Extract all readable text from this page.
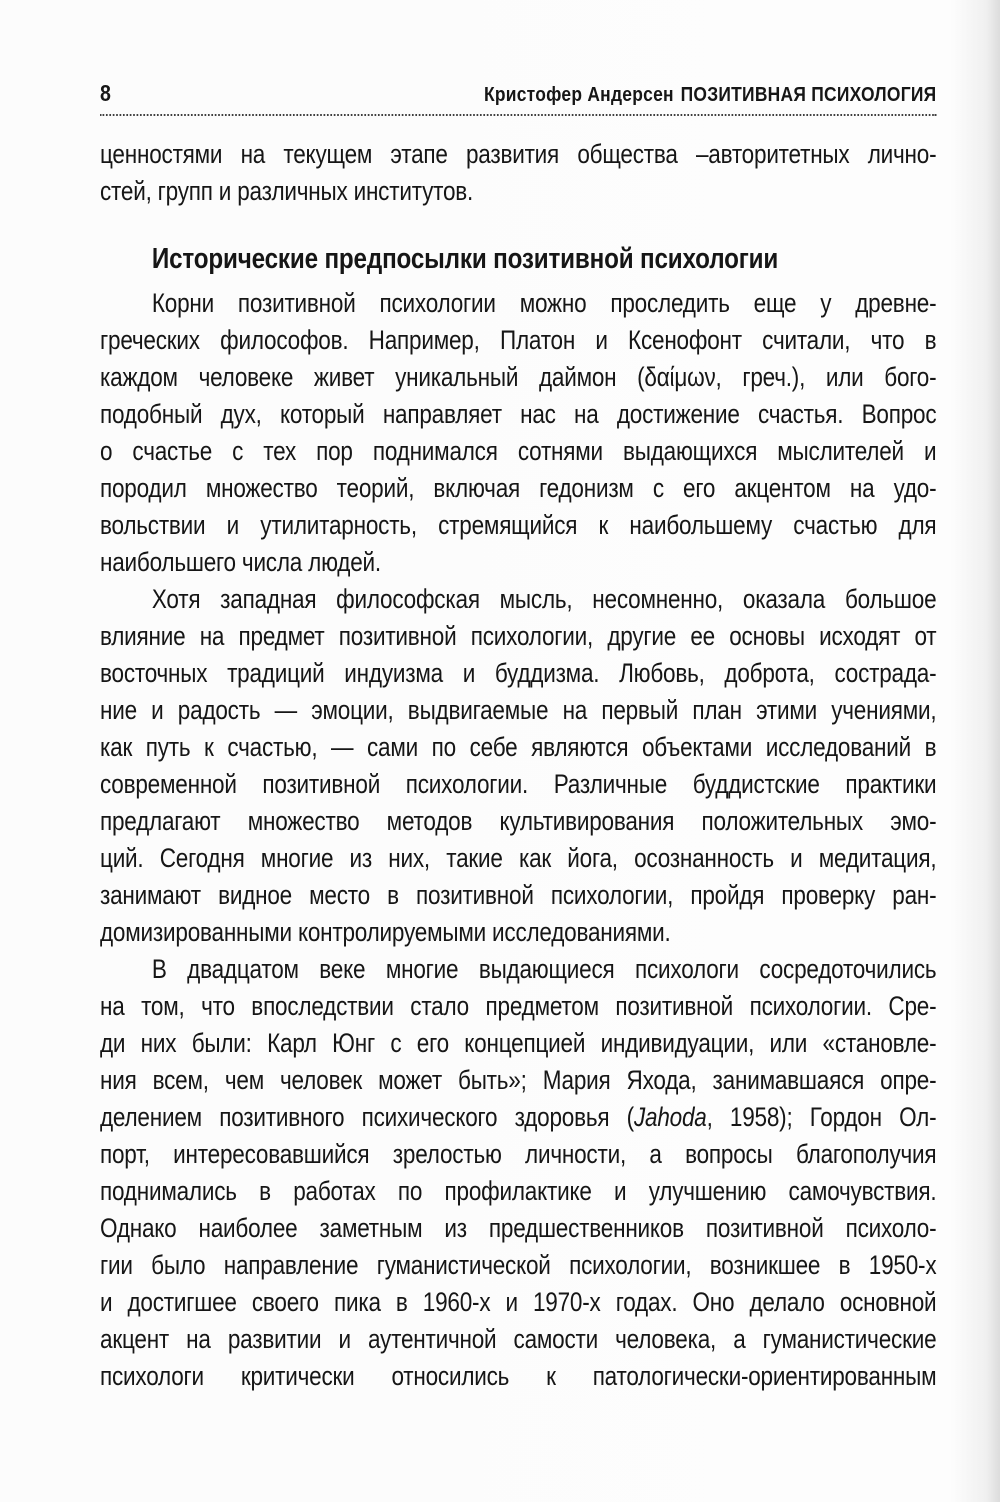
8	Кристофер Андерсен ПОЗИТИВНАЯ ПСИХОЛОГИЯ
ценностями на текущем этапе развития общества –авторитетных лично-
стей, групп и различных институтов.
Исторические предпосылки позитивной психологии
Корни позитивной психологии можно проследить еще у древне-
греческих философов. Например, Платон и Ксенофонт считали, что в
каждом человеке живет уникальный даймон (δαίμων, греч.), или бого-
подобный дух, который направляет нас на достижение счастья. Вопрос
о счастье с тех пор поднимался сотнями выдающихся мыслителей и
породил множество теорий, включая гедонизм с его акцентом на удо-
вольствии и утилитарность, стремящийся к наибольшему счастью для
наибольшего числа людей.
Хотя западная философская мысль, несомненно, оказала большое
влияние на предмет позитивной психологии, другие ее основы исходят от
восточных традиций индуизма и буддизма. Любовь, доброта, сострада-
ние и радость — эмоции, выдвигаемые на первый план этими учениями,
как путь к счастью, — сами по себе являются объектами исследований в
современной позитивной психологии. Различные буддистские практики
предлагают множество методов культивирования положительных эмо-
ций. Сегодня многие из них, такие как йога, осознанность и медитация,
занимают видное место в позитивной психологии, пройдя проверку ран-
домизированными контролируемыми исследованиями.
В двадцатом веке многие выдающиеся психологи сосредоточились
на том, что впоследствии стало предметом позитивной психологии. Сре-
ди них были: Карл Юнг с его концепцией индивидуации, или «становле-
ния всем, чем человек может быть»; Мария Яхода, занимавшаяся опре-
делением позитивного психического здоровья (Jahoda, 1958); Гордон Ол-
порт, интересовавшийся зрелостью личности, а вопросы благополучия
поднимались в работах по профилактике и улучшению самочувствия.
Однако наиболее заметным из предшественников позитивной психоло-
гии было направление гуманистической психологии, возникшее в 1950-х
и достигшее своего пика в 1960-х и 1970-х годах. Оно делало основной
акцент на развитии и аутентичной самости человека, а гуманистические
психологи критически относились к патологически-ориентированным
